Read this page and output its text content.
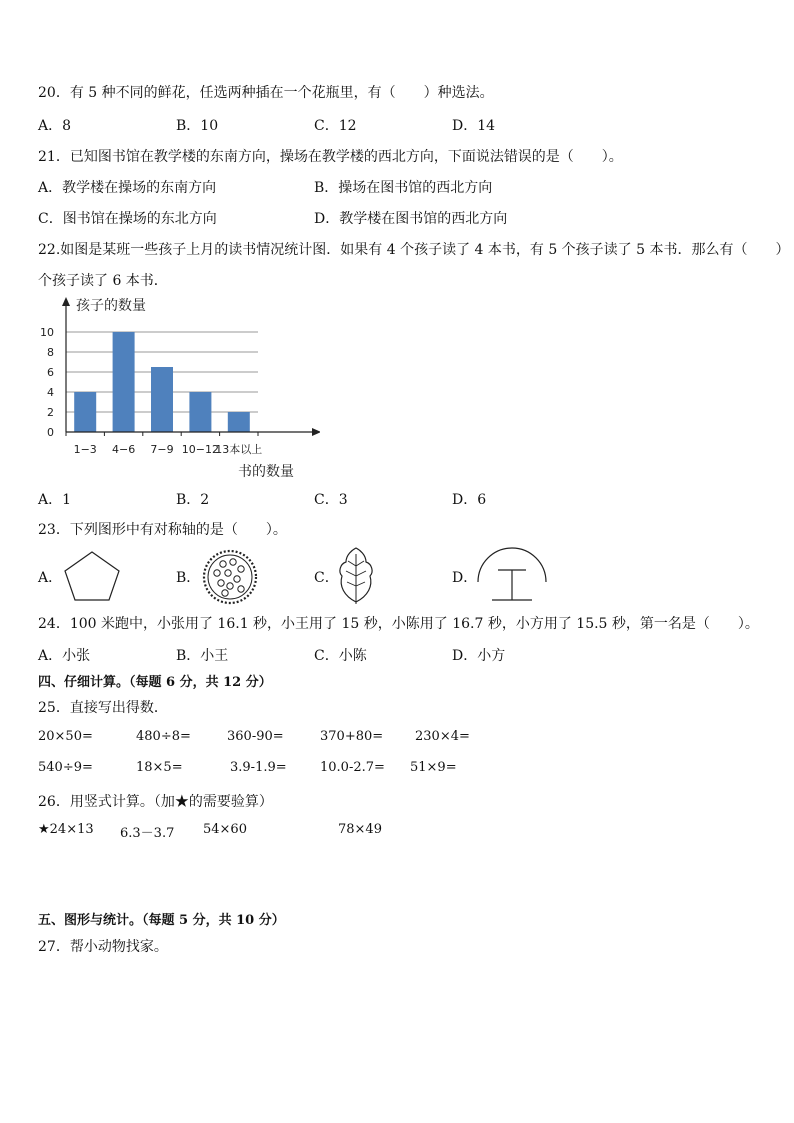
20．有 5 种不同的鲜花，任选两种插在一个花瓶里，有（　　）种选法。
A．8	B．10	C．12	D．14
21．已知图书馆在教学楼的东南方向，操场在教学楼的西北方向，下面说法错误的是（　　）。
A．教学楼在操场的东南方向	B．操场在图书馆的西北方向
C．图书馆在操场的东北方向	D．教学楼在图书馆的西北方向
22.如图是某班一些孩子上月的读书情况统计图．如果有 4 个孩子读了 4 本书，有 5 个孩子读了 5 本书．那么有（　　）
个孩子读了 6 本书．
0
2
4
6
8
10
1−3 4−6 7−9 10−12
13本以上
孩子的数量
书的数量
A．1	B．2	C．3	D．6
23．下列图形中有对称轴的是（　　）。
A．	B．	C．	D．
24．100 米跑中，小张用了 16.1 秒，小王用了 15 秒，小陈用了 16.7 秒，小方用了 15.5 秒，第一名是（　　）。
A．小张	B．小王	C．小陈	D．小方
四、仔细计算。（每题 6 分，共 12 分）
25．直接写出得数．
20×50=	480÷8=	360-90=	370+80= 230×4=
540÷9=	18×5=	3.9-1.9=	10.0-2.7= 51×9=
26．用竖式计算。（加★的需要验算）
★24×13 6.3－3.7 54×60	78×49
五、图形与统计。（每题 5 分，共 10 分）
27．帮小动物找家。
